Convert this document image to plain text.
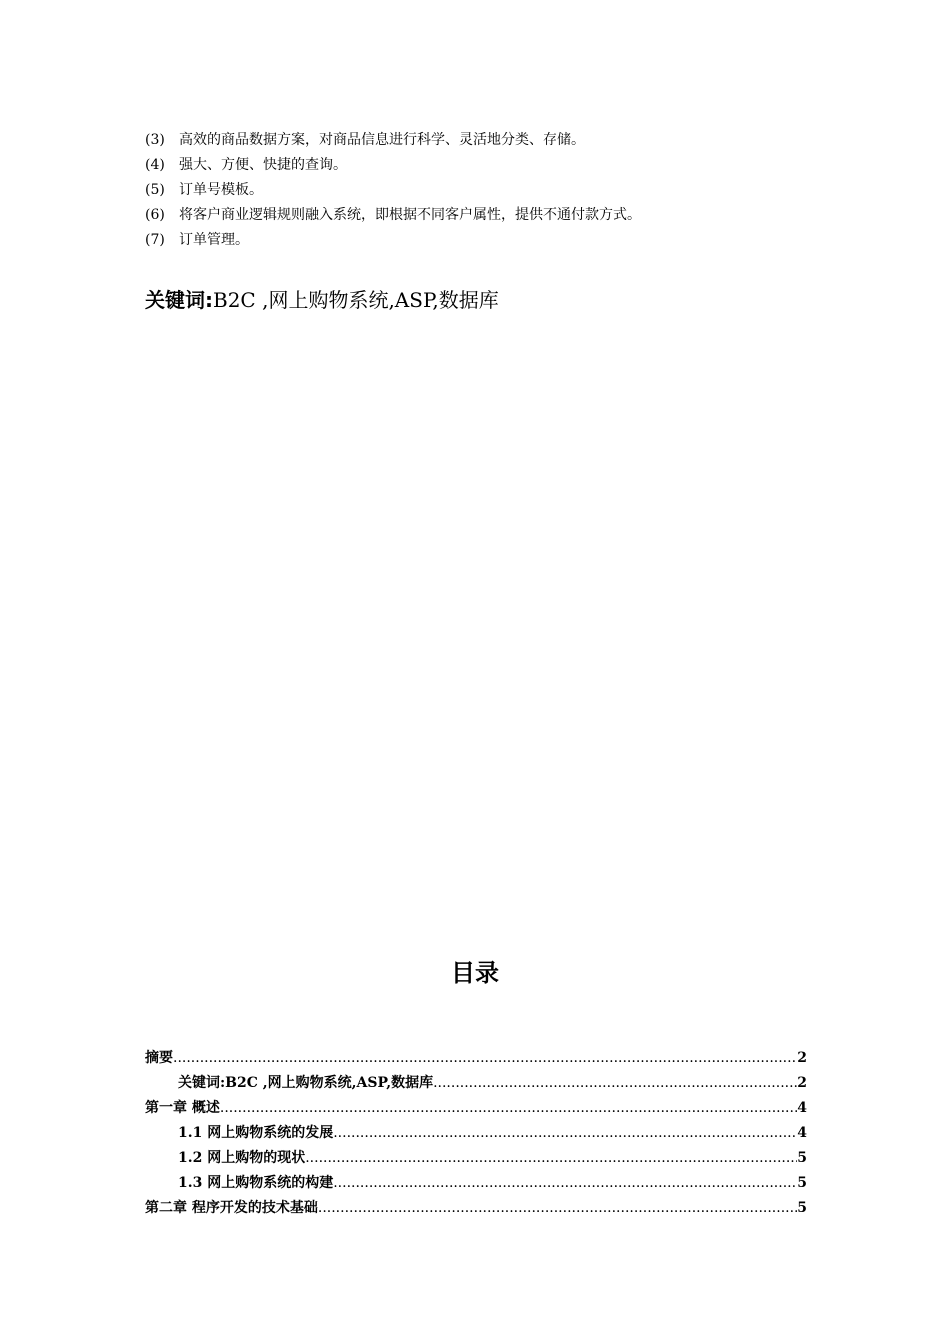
(3) 高效的商品数据方案，对商品信息进行科学、灵活地分类、存储。
(4) 强大、方便、快捷的查询。
(5) 订单号模板。
(6) 将客户商业逻辑规则融入系统，即根据不同客户属性，提供不通付款方式。
(7) 订单管理。
关键词:B2C ,网上购物系统,ASP,数据库
目录
摘要 .....	2
关键词:B2C ,网上购物系统,ASP,数据库 .....	2
第一章 概述 .....	4
1.1 网上购物系统的发展 .....	4
1.2 网上购物的现状 .....	5
1.3 网上购物系统的构建 .....	5
第二章 程序开发的技术基础 .....	5
